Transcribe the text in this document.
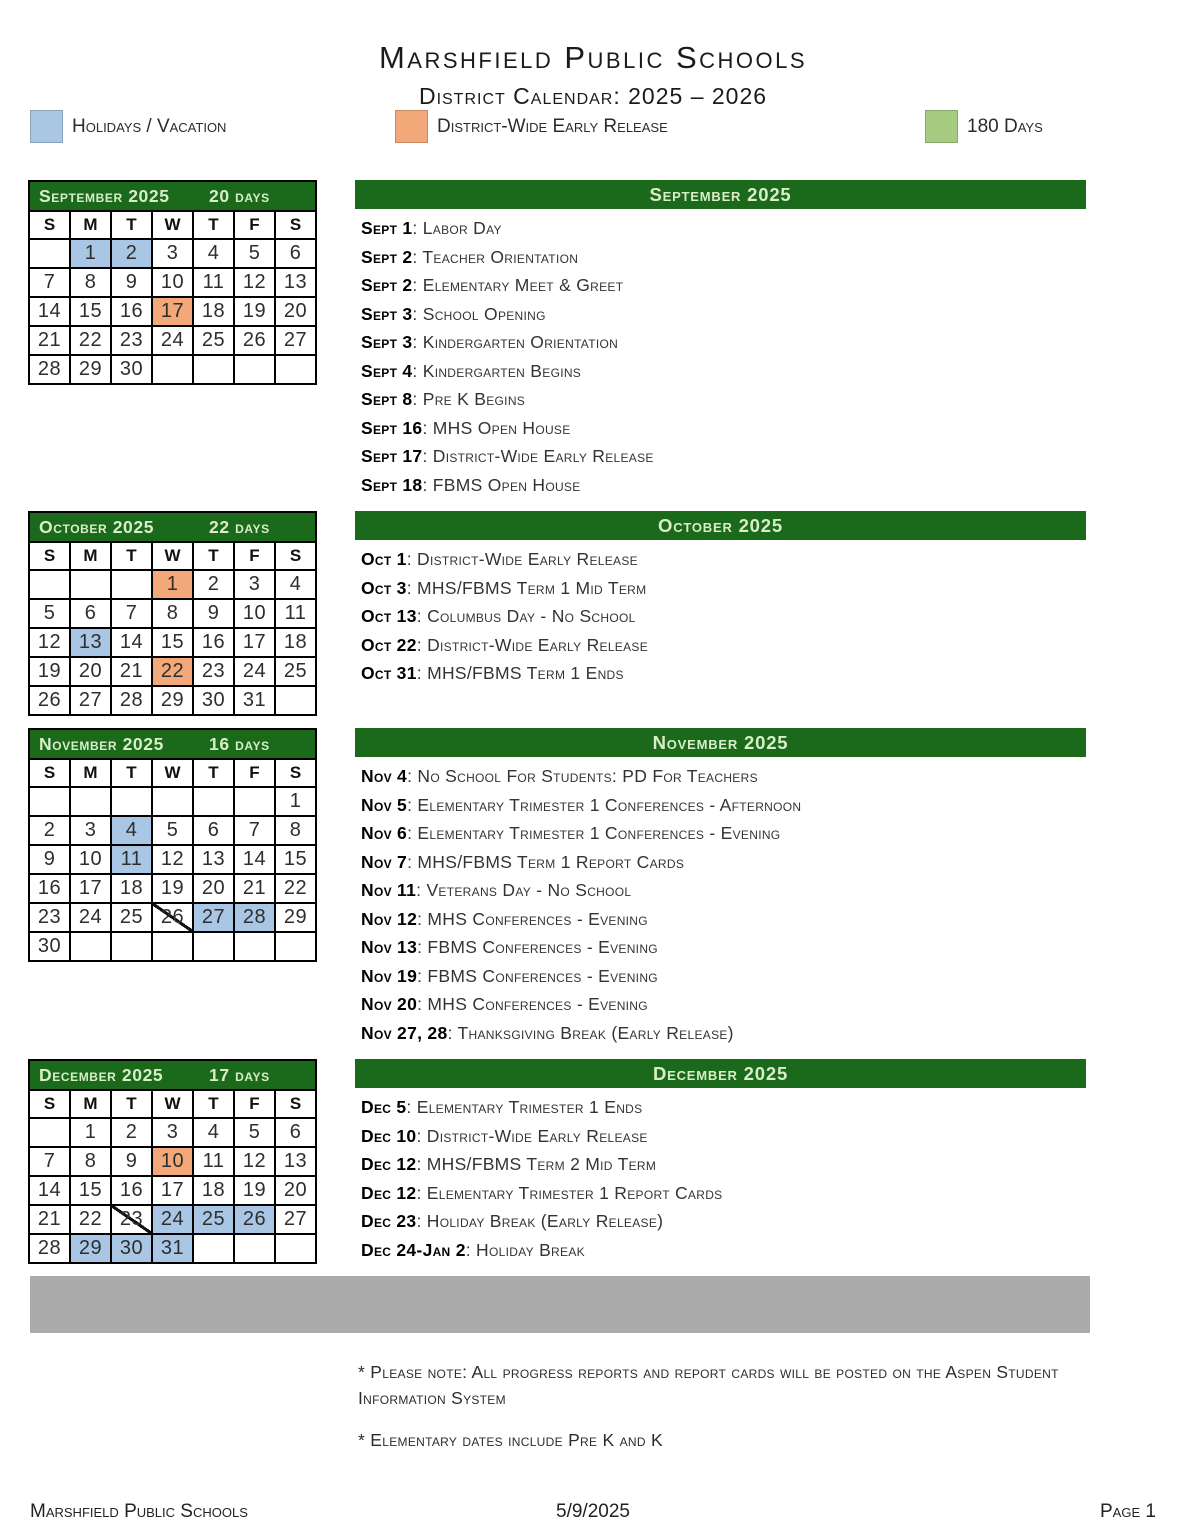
Marshfield Public Schools
District Calendar: 2025 – 2026
Holidays / Vacation	District-Wide Early Release	180 Days
September 2025	20 days
S	M	T	W	T	F	S
	1	2	3	4	5	6
7	8	9	10	11	12	13
14	15	16	17	18	19	20
21	22	23	24	25	26	27
28	29	30				
September 2025
Sept 1: Labor Day
Sept 2: Teacher Orientation
Sept 2: Elementary Meet & Greet
Sept 3: School Opening
Sept 3: Kindergarten Orientation
Sept 4: Kindergarten Begins
Sept 8: Pre K Begins
Sept 16: MHS Open House
Sept 17: District-Wide Early Release
Sept 18: FBMS Open House
October 2025	22 days
S	M	T	W	T	F	S
			1	2	3	4
5	6	7	8	9	10	11
12	13	14	15	16	17	18
19	20	21	22	23	24	25
26	27	28	29	30	31	
October 2025
Oct 1: District-Wide Early Release
Oct 3: MHS/FBMS Term 1 Mid Term
Oct 13: Columbus Day - No School
Oct 22: District-Wide Early Release
Oct 31: MHS/FBMS Term 1 Ends
November 2025	16 days
S	M	T	W	T	F	S
						1
2	3	4	5	6	7	8
9	10	11	12	13	14	15
16	17	18	19	20	21	22
23	24	25	26	27	28	29
30						
November 2025
Nov 4: No School For Students: PD For Teachers
Nov 5: Elementary Trimester 1 Conferences - Afternoon
Nov 6: Elementary Trimester 1 Conferences - Evening
Nov 7: MHS/FBMS Term 1 Report Cards
Nov 11: Veterans Day - No School
Nov 12: MHS Conferences - Evening
Nov 13: FBMS Conferences - Evening
Nov 19: FBMS Conferences - Evening
Nov 20: MHS Conferences - Evening
Nov 27, 28: Thanksgiving Break (Early Release)
December 2025	17 days
S	M	T	W	T	F	S
	1	2	3	4	5	6
7	8	9	10	11	12	13
14	15	16	17	18	19	20
21	22	23	24	25	26	27
28	29	30	31			
December 2025
Dec 5: Elementary Trimester 1 Ends
Dec 10: District-Wide Early Release
Dec 12: MHS/FBMS Term 2 Mid Term
Dec 12: Elementary Trimester 1 Report Cards
Dec 23: Holiday Break (Early Release)
Dec 24-Jan 2: Holiday Break

* Please note: All progress reports and report cards will be posted on the Aspen Student Information System

* Elementary dates include Pre K and K

Marshfield Public Schools	5/9/2025	Page 1
